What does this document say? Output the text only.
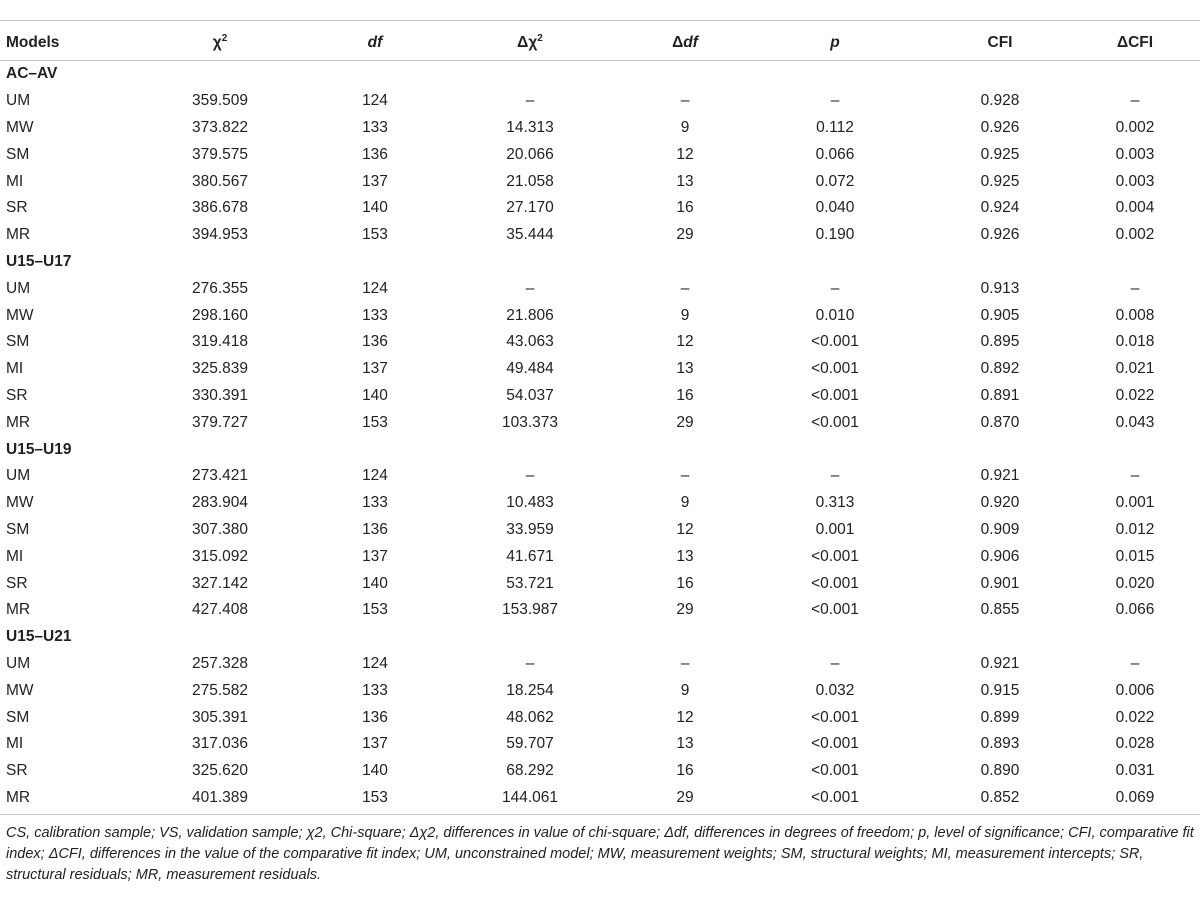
Models	$\chi^2$	df	$\Delta\chi^2$	Δdf	p	CFI	ΔCFI
AC–AV							
UM	359.509	124	–	–	–	0.928	–
MW	373.822	133	14.313	9	0.112	0.926	0.002
SM	379.575	136	20.066	12	0.066	0.925	0.003
MI	380.567	137	21.058	13	0.072	0.925	0.003
SR	386.678	140	27.170	16	0.040	0.924	0.004
MR	394.953	153	35.444	29	0.190	0.926	0.002
U15–U17							
UM	276.355	124	–	–	–	0.913	–
MW	298.160	133	21.806	9	0.010	0.905	0.008
SM	319.418	136	43.063	12	<0.001	0.895	0.018
MI	325.839	137	49.484	13	<0.001	0.892	0.021
SR	330.391	140	54.037	16	<0.001	0.891	0.022
MR	379.727	153	103.373	29	<0.001	0.870	0.043
U15–U19							
UM	273.421	124	–	–	–	0.921	–
MW	283.904	133	10.483	9	0.313	0.920	0.001
SM	307.380	136	33.959	12	0.001	0.909	0.012
MI	315.092	137	41.671	13	<0.001	0.906	0.015
SR	327.142	140	53.721	16	<0.001	0.901	0.020
MR	427.408	153	153.987	29	<0.001	0.855	0.066
U15–U21							
UM	257.328	124	–	–	–	0.921	–
MW	275.582	133	18.254	9	0.032	0.915	0.006
SM	305.391	136	48.062	12	<0.001	0.899	0.022
MI	317.036	137	59.707	13	<0.001	0.893	0.028
SR	325.620	140	68.292	16	<0.001	0.890	0.031
MR	401.389	153	144.061	29	<0.001	0.852	0.069
CS, calibration sample; VS, validation sample; χ2, Chi-square; Δχ2, differences in value of chi-square; Δdf, differences in degrees of freedom; p, level of significance; CFI, comparative fit index; ΔCFI, differences in the value of the comparative fit index; UM, unconstrained model; MW, measurement weights; SM, structural weights; MI, measurement intercepts; SR, structural residuals; MR, measurement residuals.
